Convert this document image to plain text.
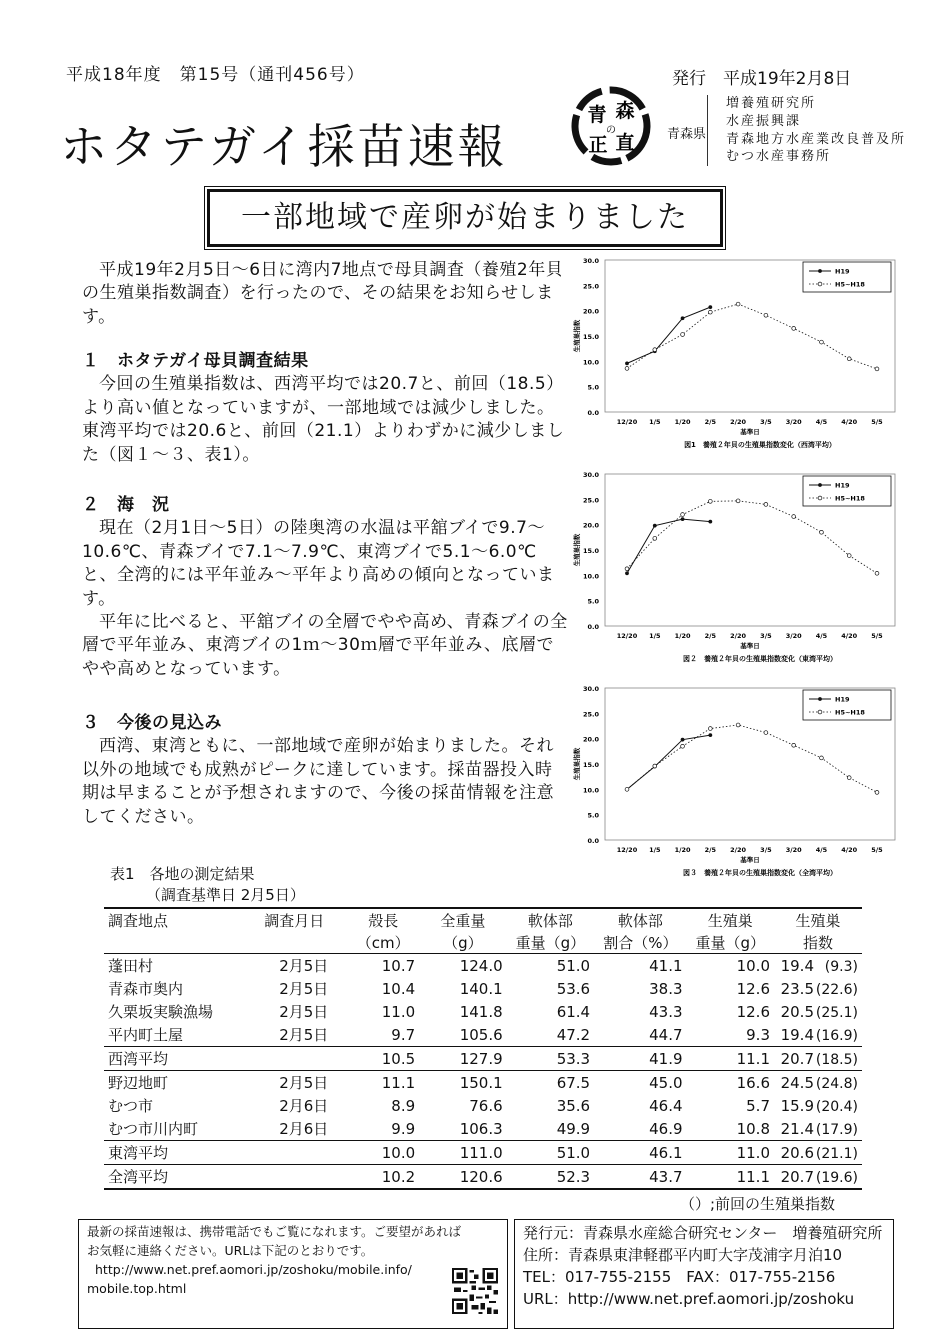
平成18年度　第15号（通刊456号）	発行　平成19年2月8日
ホタテガイ採苗速報
青 森
の
正 直 青森県
増養殖研究所
水産振興課
青森地方水産業改良普及所
むつ水産事務所
一部地域で産卵が始まりました

平成19年2月5日～6日に湾内7地点で母貝調査（養殖2年貝の生殖巣指数調査）を行ったので、その結果をお知らせします。

１　ホタテガイ母貝調査結果

今回の生殖巣指数は、西湾平均では20.7と、前回（18.5）より高い値となっていますが、一部地域では減少しました。東湾平均では20.6と、前回（21.1）よりわずかに減少しました（図１～３、表1）。

２　海　況

現在（2月1日～5日）の陸奥湾の水温は平舘ブイで9.7～10.6℃、青森ブイで7.1～7.9℃、東湾ブイで5.1～6.0℃と、全湾的には平年並み～平年より高めの傾向となっています。

平年に比べると、平舘ブイの全層でやや高め、青森ブイの全層で平年並み、東湾ブイの1ｍ～30ｍ層で平年並み、底層でやや高めとなっています。

３　今後の見込み

西湾、東湾ともに、一部地域で産卵が始まりました。それ以外の地域でも成熟がピークに達しています。採苗器投入時期は早まることが予想されますので、今後の採苗情報を注意してください。

0.0
5.0
10.0
15.0
20.0
25.0
30.0
12/20 1/5 1/20 2/5 2/20 3/5 3/20 4/5 4/20 5/5
基準日
生殖巣指数
図1　養殖２年貝の生殖巣指数変化（西湾平均）
H19
H5~H18
0.0
5.0
10.0
15.0
20.0
25.0
30.0
12/20 1/5 1/20 2/5 2/20 3/5 3/20 4/5 4/20 5/5
基準日
生殖巣指数
図２　養殖２年貝の生殖巣指数変化（東湾平均）
H19
H5~H18
0.0
5.0
10.0
15.0
20.0
25.0
30.0
12/20 1/5 1/20 2/5 2/20 3/5 3/20 4/5 4/20 5/5
基準日
生殖巣指数
図３　養殖２年貝の生殖巣指数変化（全湾平均）
H19
H5~H18
表1　各地の測定結果
（調査基準日 2月5日）
調査地点	調査月日	殻長	全重量	軟体部	軟体部	生殖巣	生殖巣
		（cm）	（g）	重量（g）	割合（%）	重量（g）	指数
蓬田村	2月5日	10.7	124.0	51.0	41.1	10.0	19.4 (9.3)
青森市奥内	2月5日	10.4	140.1	53.6	38.3	12.6	23.5 (22.6)
久栗坂実験漁場	2月5日	11.0	141.8	61.4	43.3	12.6	20.5 (25.1)
平内町土屋	2月5日	9.7	105.6	47.2	44.7	9.3	19.4 (16.9)
西湾平均		10.5	127.9	53.3	41.9	11.1	20.7 (18.5)
野辺地町	2月5日	11.1	150.1	67.5	45.0	16.6	24.5 (24.8)
むつ市	2月6日	8.9	76.6	35.6	46.4	5.7	15.9 (20.4)
むつ市川内町	2月6日	9.9	106.3	49.9	46.9	10.8	21.4 (17.9)
東湾平均		10.0	111.0	51.0	46.1	11.0	20.6 (21.1)
全湾平均		10.2	120.6	52.3	43.7	11.1	20.7 (19.6)
（）;前回の生殖巣指数
最新の採苗速報は、携帯電話でもご覧になれます。ご要望があれば
お気軽に連絡ください。URLは下記のとおりです。
http://www.net.pref.aomori.jp/zoshoku/mobile.info/
mobile.top.html
発行元：青森県水産総合研究センター　増養殖研究所
住所：青森県東津軽郡平内町大字茂浦字月泊10
TEL：017-755-2155　FAX：017-755-2156
URL：http://www.net.pref.aomori.jp/zoshoku
